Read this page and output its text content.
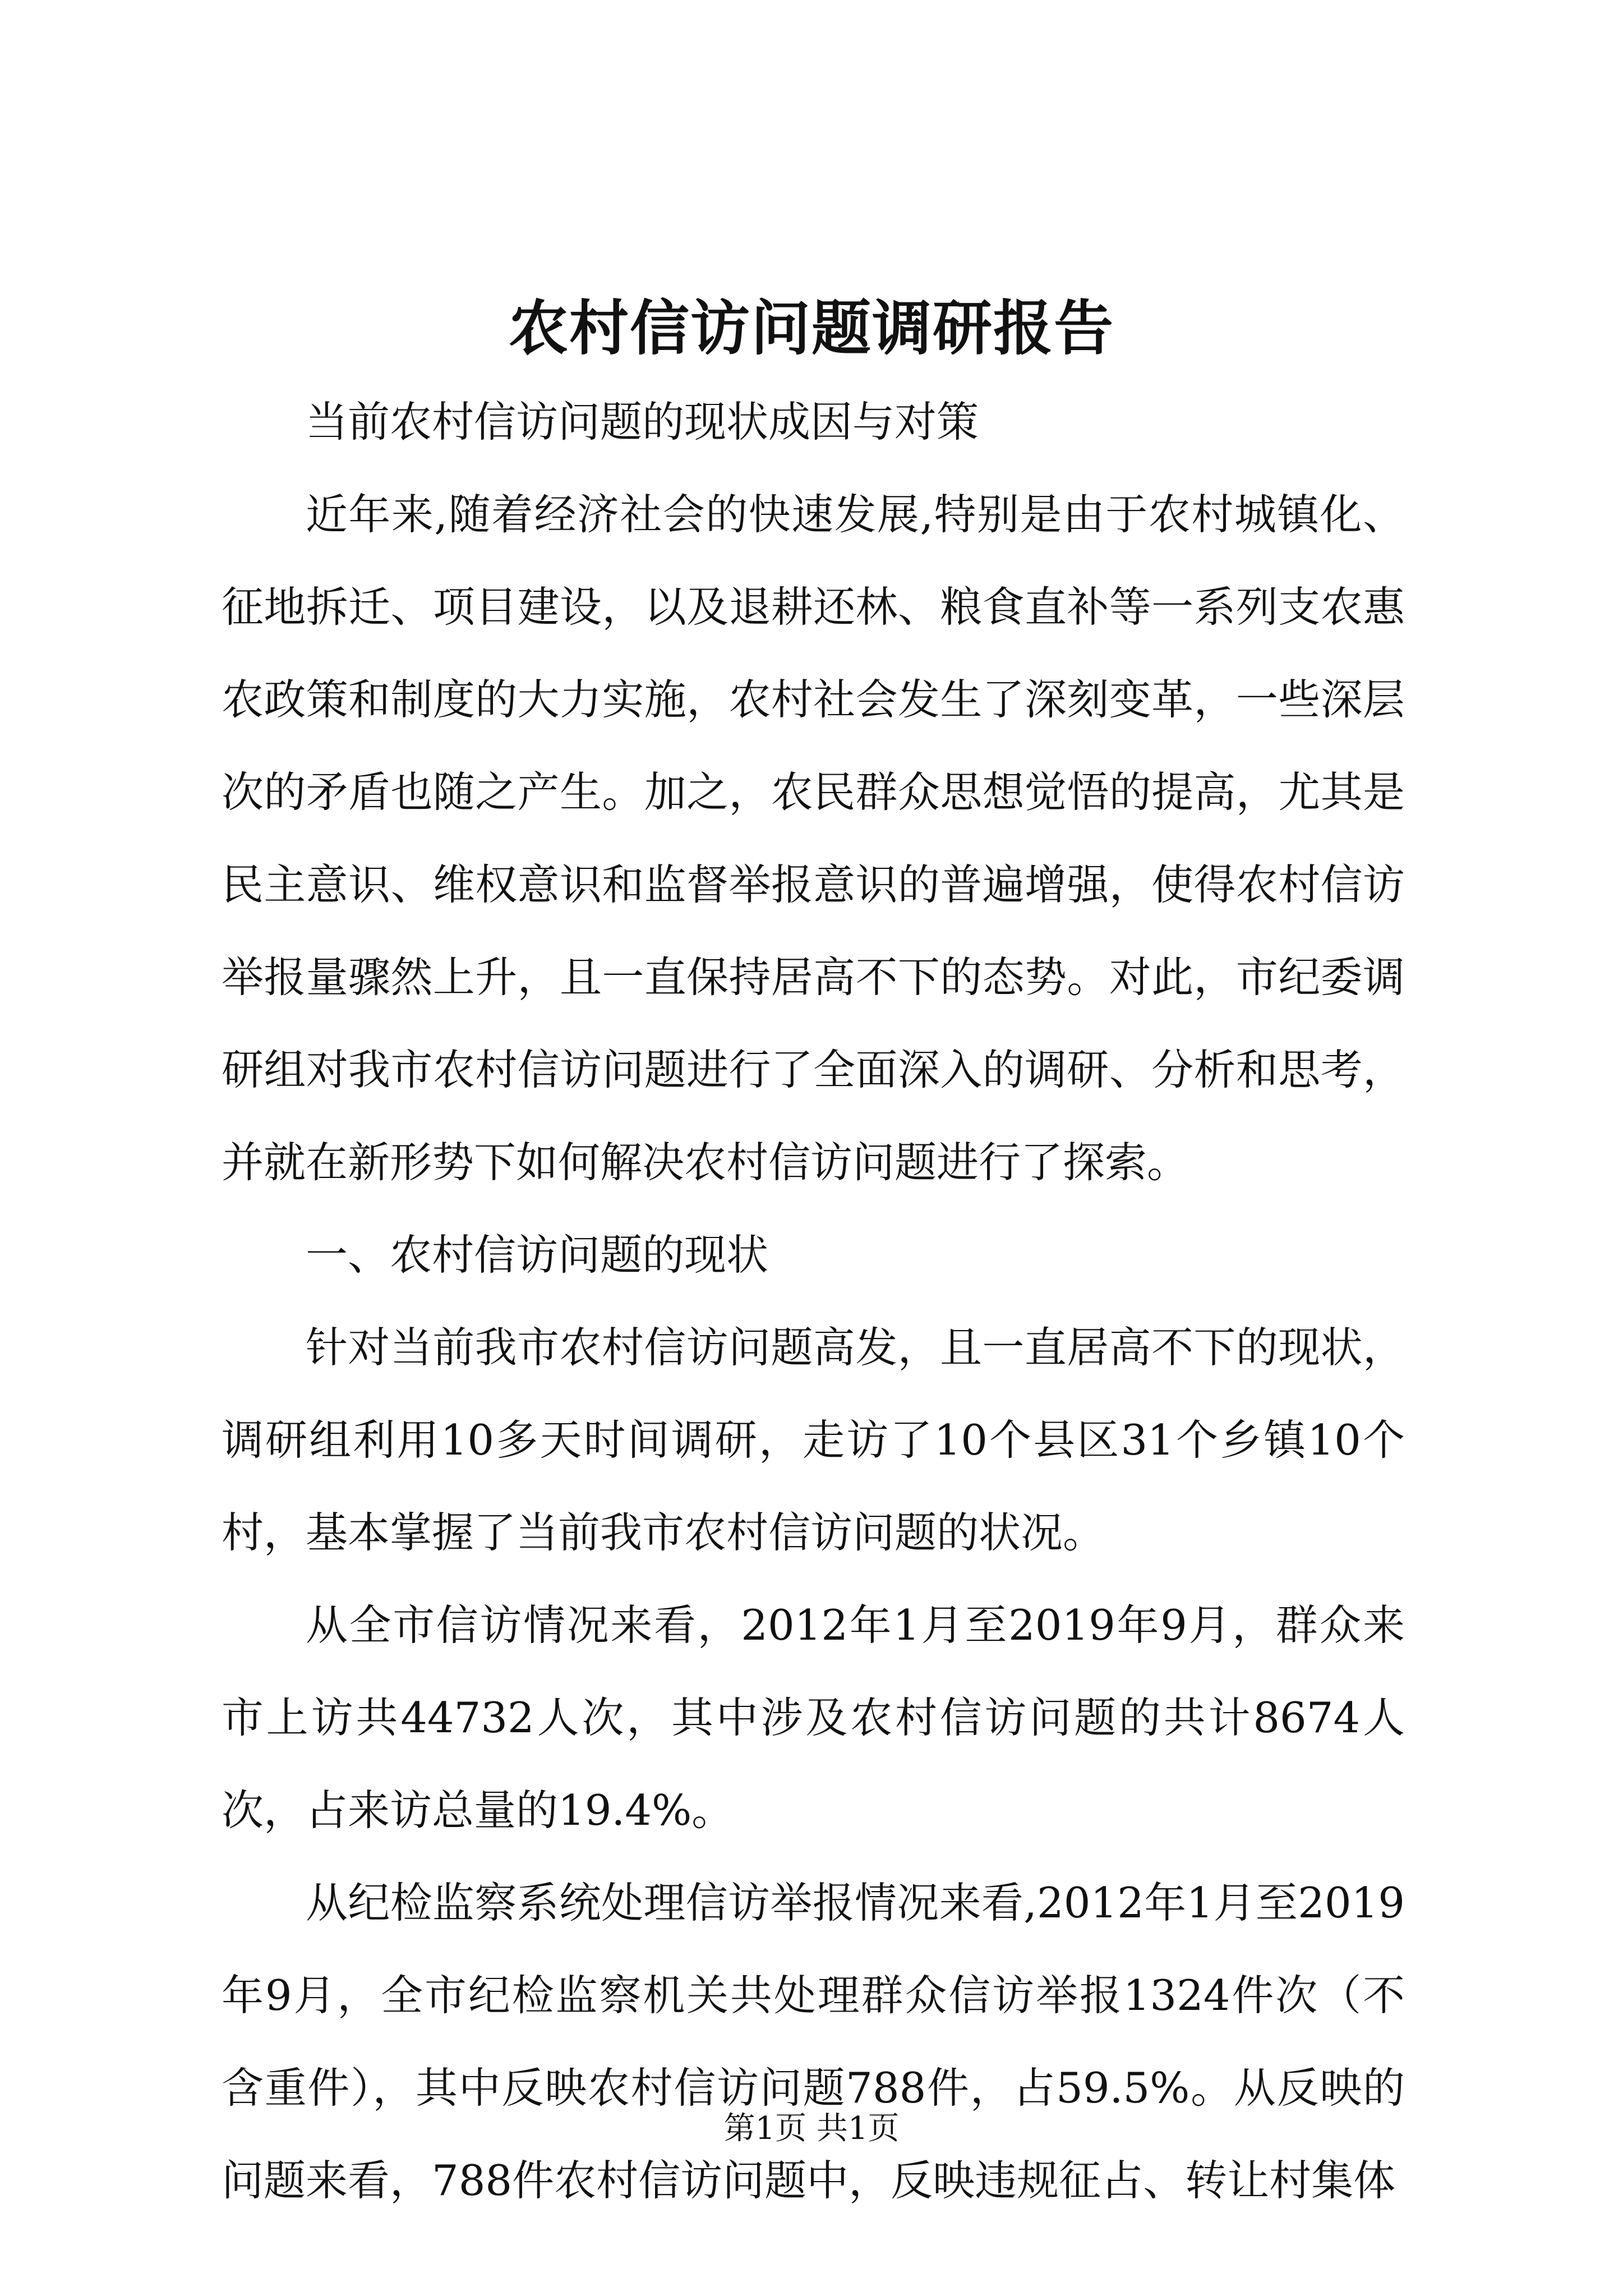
农村信访问题调研报告

当前农村信访问题的现状成因与对策

近年来,随着经济社会的快速发展,特别是由于农村城镇化、征地拆迁、项目建设，以及退耕还林、粮食直补等一系列支农惠农政策和制度的大力实施，农村社会发生了深刻变革，一些深层次的矛盾也随之产生。加之，农民群众思想觉悟的提高，尤其是民主意识、维权意识和监督举报意识的普遍增强，使得农村信访举报量骤然上升，且一直保持居高不下的态势。对此，市纪委调研组对我市农村信访问题进行了全面深入的调研、分析和思考，并就在新形势下如何解决农村信访问题进行了探索。

一、农村信访问题的现状

针对当前我市农村信访问题高发，且一直居高不下的现状，调研组利用10多天时间调研，走访了10个县区31个乡镇10个村，基本掌握了当前我市农村信访问题的状况。

从全市信访情况来看，2012年1月至2019年9月，群众来市上访共44732人次，其中涉及农村信访问题的共计8674人次，占来访总量的19.4%。

从纪检监察系统处理信访举报情况来看,2012年1月至2019年9月，全市纪检监察机关共处理群众信访举报1324件次（不含重件），其中反映农村信访问题788件，占59.5%。从反映的问题来看，788件农村信访问题中，反映违规征占、转让村集体

第1页 共1页
